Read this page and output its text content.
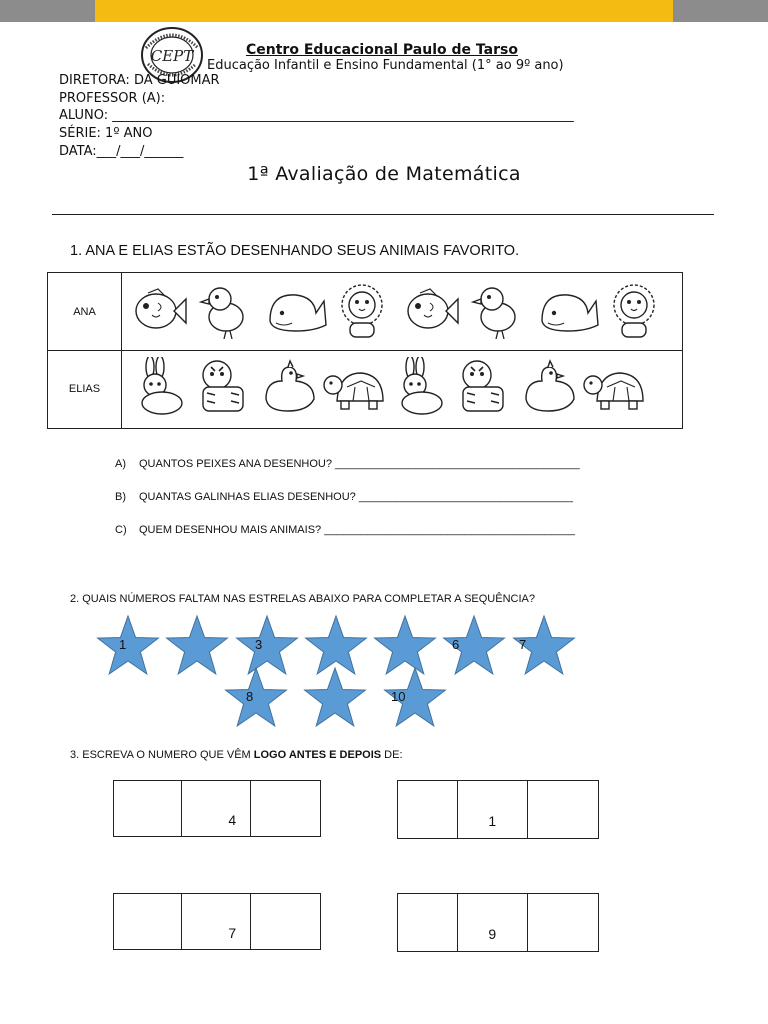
CEPT	Centro Educacional Paulo de Tarso
Educação Infantil e Ensino Fundamental (1° ao 9º ano)
DIRETORA: DA GUIOMAR
PROFESSOR (A):
ALUNO: _______________________________________________________________________
SÉRIE: 1º ANO
DATA:___/___/______
1ª Avaliação de Matemática
1. ANA E ELIAS ESTÃO DESENHANDO SEUS ANIMAIS FAVORITO.
ANA
ELIAS
A) QUANTOS PEIXES ANA DESENHOU? ________________________________________
B) QUANTAS GALINHAS ELIAS DESENHOU? ___________________________________
C) QUEM DESENHOU MAIS ANIMAIS? _________________________________________
2. QUAIS NÚMEROS FALTAM NAS ESTRELAS ABAIXO PARA COMPLETAR A SEQUÊNCIA?
1	3	6	7
8	10
3. ESCREVA O NUMERO QUE VÊM LOGO ANTES E DEPOIS DE:
4	1
7	9
